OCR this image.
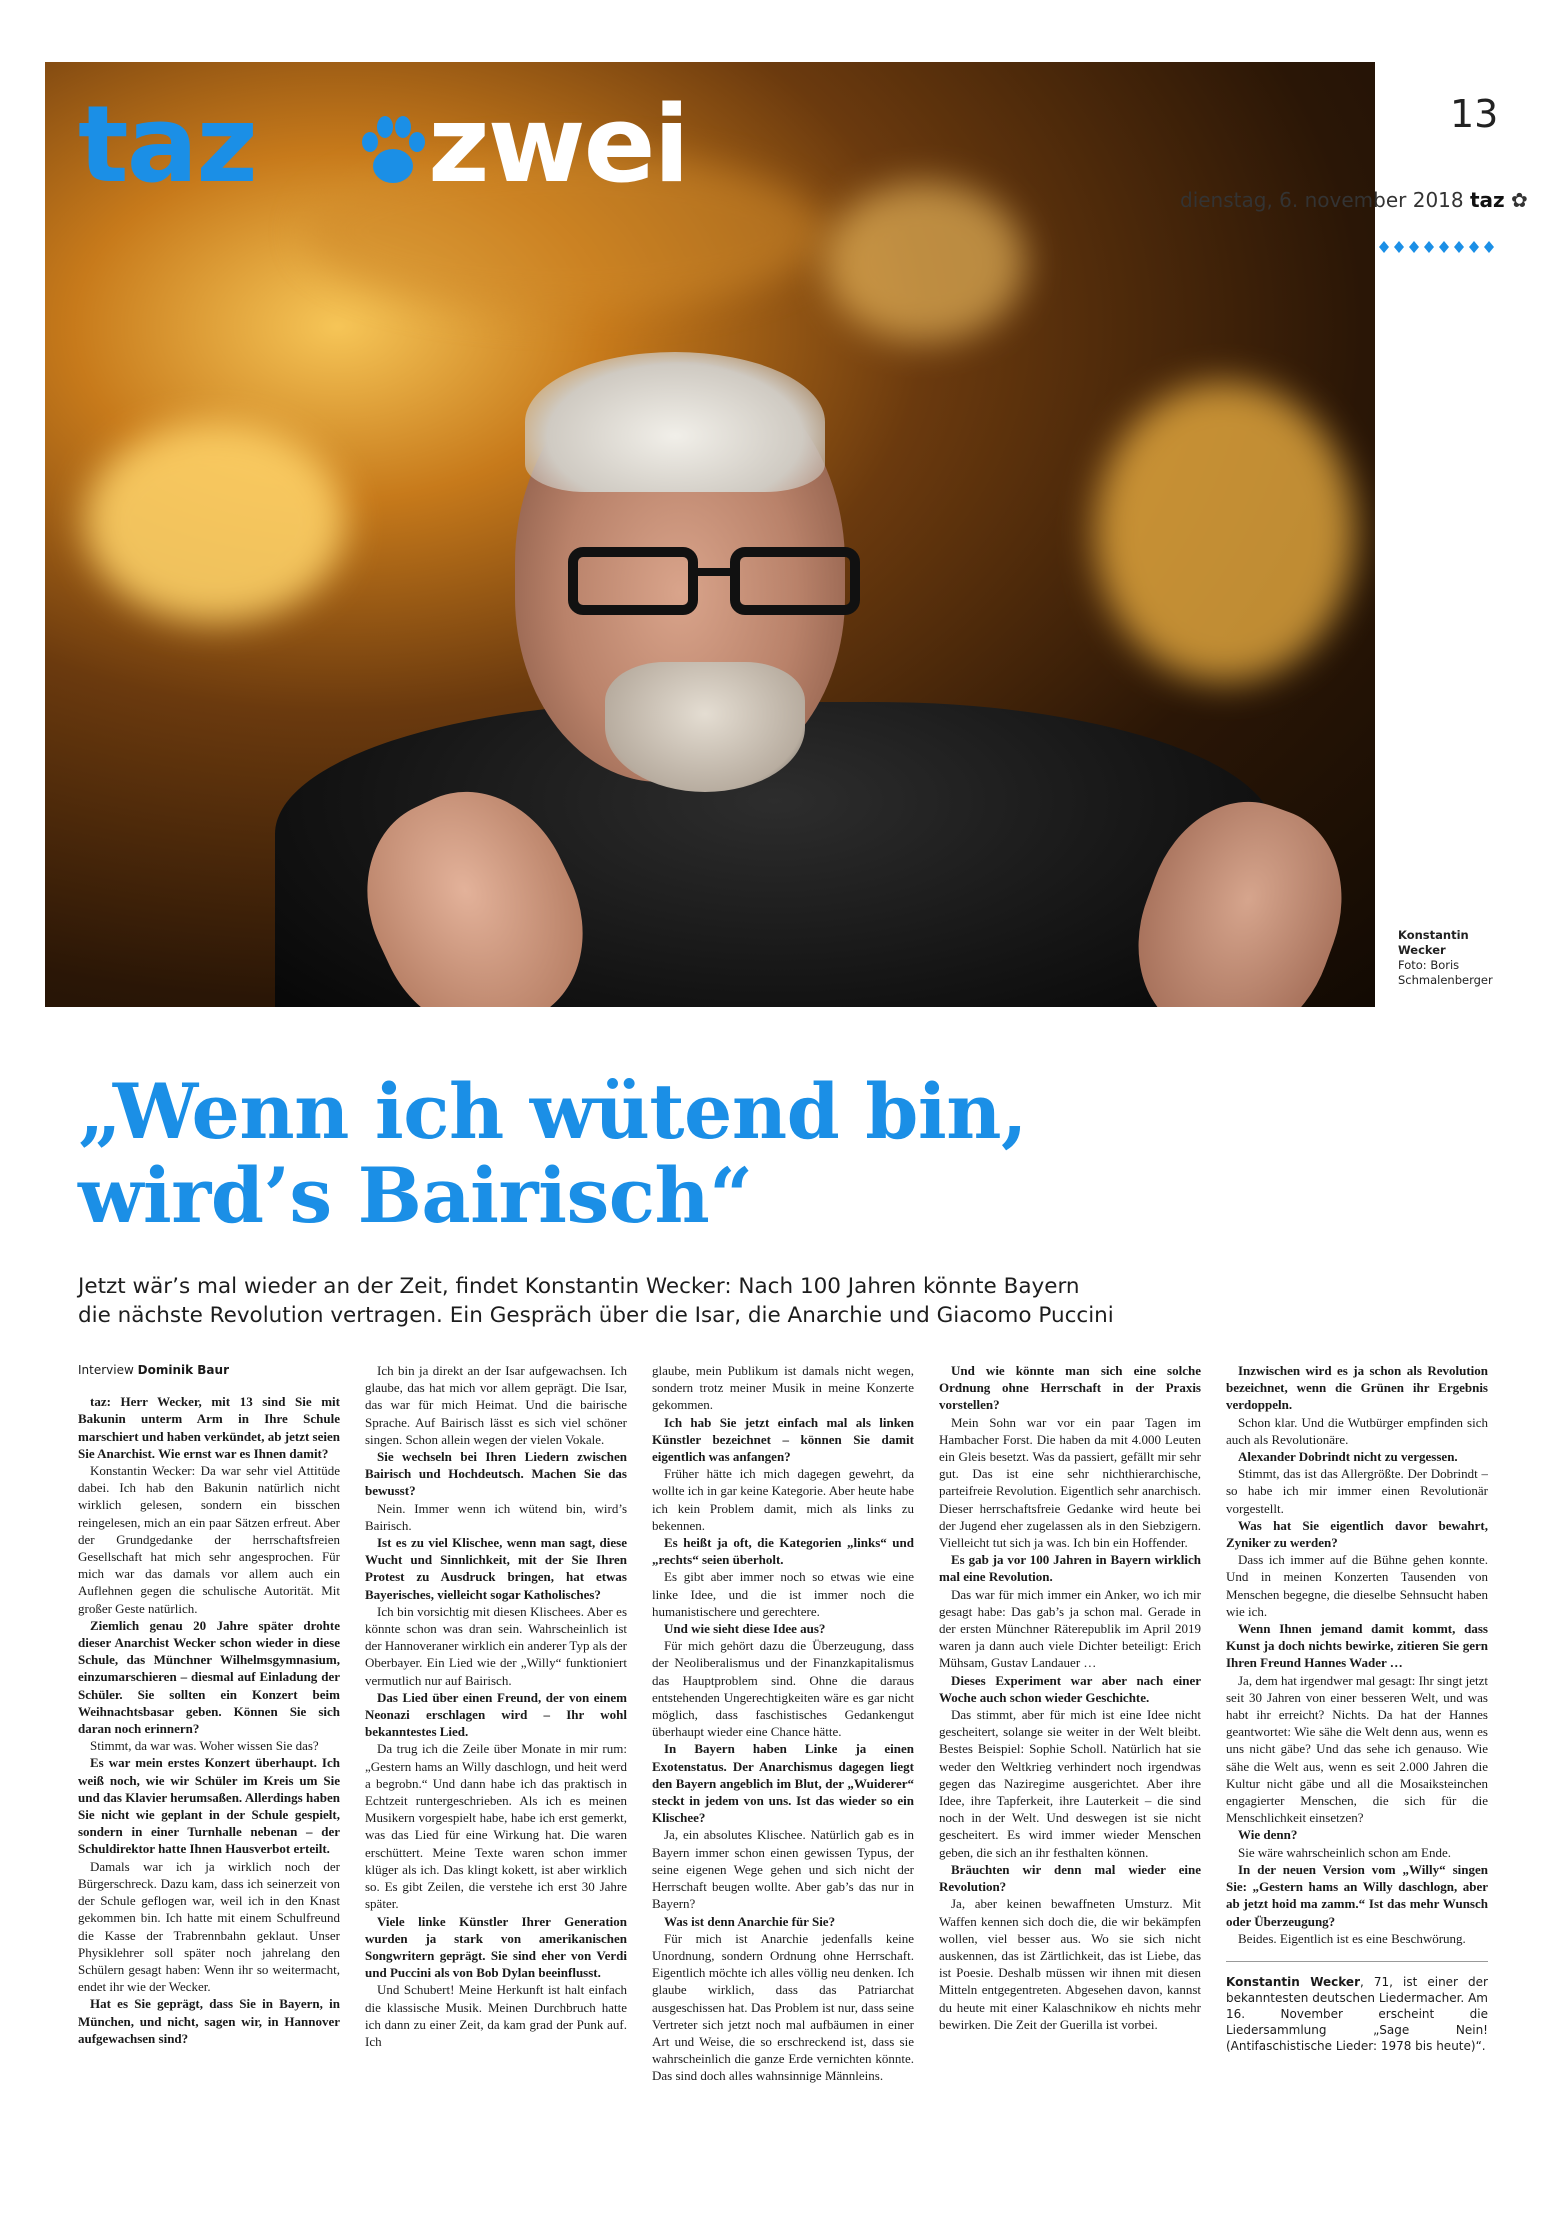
taz zwei	13
dienstag, 6. november 2018 taz ✿
Konstantin Wecker
Foto: Boris Schmalenberger
„Wenn ich wütend bin,
wird’s Bairisch“
Jetzt wär’s mal wieder an der Zeit, findet Konstantin Wecker: Nach 100 Jahren könnte Bayern
die nächste Revolution vertragen. Ein Gespräch über die Isar, die Anarchie und Giacomo Puccini

Interview Dominik Baur

taz: Herr Wecker, mit 13 sind Sie mit Bakunin unterm Arm in Ihre Schule marschiert und haben verkündet, ab jetzt seien Sie Anarchist. Wie ernst war es Ihnen damit?

Konstantin Wecker: Da war sehr viel Attitüde dabei. Ich hab den Bakunin natürlich nicht wirklich gelesen, sondern ein bisschen reingelesen, mich an ein paar Sätzen erfreut. Aber der Grundgedanke der herrschaftsfreien Gesellschaft hat mich sehr angesprochen. Für mich war das damals vor allem auch ein Auflehnen gegen die schulische Autorität. Mit großer Geste natürlich.

Ziemlich genau 20 Jahre später drohte dieser Anarchist Wecker schon wieder in diese Schule, das Münchner Wilhelmsgymnasium, einzumarschieren – diesmal auf Einladung der Schüler. Sie sollten ein Konzert beim Weihnachtsbasar geben. Können Sie sich daran noch erinnern?

Stimmt, da war was. Woher wissen Sie das?

Es war mein erstes Konzert überhaupt. Ich weiß noch, wie wir Schüler im Kreis um Sie und das Klavier herumsaßen. Allerdings haben Sie nicht wie geplant in der Schule gespielt, sondern in einer Turnhalle nebenan – der Schuldirektor hatte Ihnen Hausverbot erteilt.

Damals war ich ja wirklich noch der Bürgerschreck. Dazu kam, dass ich seinerzeit von der Schule geflogen war, weil ich in den Knast gekommen bin. Ich hatte mit einem Schulfreund die Kasse der Trabrennbahn geklaut. Unser Physiklehrer soll später noch jahrelang den Schülern gesagt haben: Wenn ihr so weitermacht, endet ihr wie der Wecker.

Hat es Sie geprägt, dass Sie in Bayern, in München, und nicht, sagen wir, in Hannover aufgewachsen sind?

Ich bin ja direkt an der Isar aufgewachsen. Ich glaube, das hat mich vor allem geprägt. Die Isar, das war für mich Heimat. Und die bairische Sprache. Auf Bairisch lässt es sich viel schöner singen. Schon allein wegen der vielen Vokale.

Sie wechseln bei Ihren Liedern zwischen Bairisch und Hochdeutsch. Machen Sie das bewusst?

Nein. Immer wenn ich wütend bin, wird’s Bairisch.

Ist es zu viel Klischee, wenn man sagt, diese Wucht und Sinnlichkeit, mit der Sie Ihren Protest zu Ausdruck bringen, hat etwas Bayerisches, vielleicht sogar Katholisches?

Ich bin vorsichtig mit diesen Klischees. Aber es könnte schon was dran sein. Wahrscheinlich ist der Hannoveraner wirklich ein anderer Typ als der Oberbayer. Ein Lied wie der „Willy“ funktioniert vermutlich nur auf Bairisch.

Das Lied über einen Freund, der von einem Neonazi erschlagen wird – Ihr wohl bekanntestes Lied.

Da trug ich die Zeile über Monate in mir rum: „Gestern hams an Willy daschlogn, und heit werd a begrobn.“ Und dann habe ich das praktisch in Echtzeit runtergeschrieben. Als ich es meinen Musikern vorgespielt habe, habe ich erst gemerkt, was das Lied für eine Wirkung hat. Die waren erschüttert. Meine Texte waren schon immer klüger als ich. Das klingt kokett, ist aber wirklich so. Es gibt Zeilen, die verstehe ich erst 30 Jahre später.

Viele linke Künstler Ihrer Generation wurden ja stark von amerikanischen Songwritern geprägt. Sie sind eher von Verdi und Puccini als von Bob Dylan beeinflusst.

Und Schubert! Meine Herkunft ist halt einfach die klassische Musik. Meinen Durchbruch hatte ich dann zu einer Zeit, da kam grad der Punk auf. Ich

glaube, mein Publikum ist damals nicht wegen, sondern trotz meiner Musik in meine Konzerte gekommen.

Ich hab Sie jetzt einfach mal als linken Künstler bezeichnet – können Sie damit eigentlich was anfangen?

Früher hätte ich mich dagegen gewehrt, da wollte ich in gar keine Kategorie. Aber heute habe ich kein Problem damit, mich als links zu bekennen.

Es heißt ja oft, die Kategorien „links“ und „rechts“ seien überholt.

Es gibt aber immer noch so etwas wie eine linke Idee, und die ist immer noch die humanistischere und gerechtere.

Und wie sieht diese Idee aus?

Für mich gehört dazu die Überzeugung, dass der Neoliberalismus und der Finanzkapitalismus das Hauptproblem sind. Ohne die daraus entstehenden Ungerechtigkeiten wäre es gar nicht möglich, dass faschistisches Gedankengut überhaupt wieder eine Chance hätte.

In Bayern haben Linke ja einen Exotenstatus. Der Anarchismus dagegen liegt den Bayern angeblich im Blut, der „Wuiderer“ steckt in jedem von uns. Ist das wieder so ein Klischee?

Ja, ein absolutes Klischee. Natürlich gab es in Bayern immer schon einen gewissen Typus, der seine eigenen Wege gehen und sich nicht der Herrschaft beugen wollte. Aber gab’s das nur in Bayern?

Was ist denn Anarchie für Sie?

Für mich ist Anarchie jedenfalls keine Unordnung, sondern Ordnung ohne Herrschaft. Eigentlich möchte ich alles völlig neu denken. Ich glaube wirklich, dass das Patriarchat ausgeschissen hat. Das Problem ist nur, dass seine Vertreter sich jetzt noch mal aufbäumen in einer Art und Weise, die so erschreckend ist, dass sie wahrscheinlich die ganze Erde vernichten könnte. Das sind doch alles wahnsinnige Männleins.

Und wie könnte man sich eine solche Ordnung ohne Herrschaft in der Praxis vorstellen?

Mein Sohn war vor ein paar Tagen im Hambacher Forst. Die haben da mit 4.000 Leuten ein Gleis besetzt. Was da passiert, gefällt mir sehr gut. Das ist eine sehr nichthierarchische, parteifreie Revolution. Eigentlich sehr anarchisch. Dieser herrschaftsfreie Gedanke wird heute bei der Jugend eher zugelassen als in den Siebzigern. Vielleicht tut sich ja was. Ich bin ein Hoffender.

Es gab ja vor 100 Jahren in Bayern wirklich mal eine Revolution.

Das war für mich immer ein Anker, wo ich mir gesagt habe: Das gab’s ja schon mal. Gerade in der ersten Münchner Räterepublik im April 2019 waren ja dann auch viele Dichter beteiligt: Erich Mühsam, Gustav Landauer …

Dieses Experiment war aber nach einer Woche auch schon wieder Geschichte.

Das stimmt, aber für mich ist eine Idee nicht gescheitert, solange sie weiter in der Welt bleibt. Bestes Beispiel: Sophie Scholl. Natürlich hat sie weder den Weltkrieg verhindert noch irgendwas gegen das Naziregime ausgerichtet. Aber ihre Idee, ihre Tapferkeit, ihre Lauterkeit – die sind noch in der Welt. Und deswegen ist sie nicht gescheitert. Es wird immer wieder Menschen geben, die sich an ihr festhalten können.

Bräuchten wir denn mal wieder eine Revolution?

Ja, aber keinen bewaffneten Umsturz. Mit Waffen kennen sich doch die, die wir bekämpfen wollen, viel besser aus. Wo sie sich nicht auskennen, das ist Zärtlichkeit, das ist Liebe, das ist Poesie. Deshalb müssen wir ihnen mit diesen Mitteln entgegentreten. Abgesehen davon, kannst du heute mit einer Kalaschnikow eh nichts mehr bewirken. Die Zeit der Guerilla ist vorbei.

Inzwischen wird es ja schon als Revolution bezeichnet, wenn die Grünen ihr Ergebnis verdoppeln.

Schon klar. Und die Wutbürger empfinden sich auch als Revolutionäre.

Alexander Dobrindt nicht zu vergessen.

Stimmt, das ist das Allergrößte. Der Dobrindt – so habe ich mir immer einen Revolutionär vorgestellt.

Was hat Sie eigentlich davor bewahrt, Zyniker zu werden?

Dass ich immer auf die Bühne gehen konnte. Und in meinen Konzerten Tausenden von Menschen begegne, die dieselbe Sehnsucht haben wie ich.

Wenn Ihnen jemand damit kommt, dass Kunst ja doch nichts bewirke, zitieren Sie gern Ihren Freund Hannes Wader …

Ja, dem hat irgendwer mal gesagt: Ihr singt jetzt seit 30 Jahren von einer besseren Welt, und was habt ihr erreicht? Nichts. Da hat der Hannes geantwortet: Wie sähe die Welt denn aus, wenn es uns nicht gäbe? Und das sehe ich genauso. Wie sähe die Welt aus, wenn es seit 2.000 Jahren die Kultur nicht gäbe und all die Mosaiksteinchen engagierter Menschen, die sich für die Menschlichkeit einsetzen?

Wie denn?

Sie wäre wahrscheinlich schon am Ende.

In der neuen Version vom „Willy“ singen Sie: „Gestern hams an Willy daschlogn, aber ab jetzt hoid ma zamm.“ Ist das mehr Wunsch oder Überzeugung?

Beides. Eigentlich ist es eine Beschwörung.

Konstantin Wecker, 71, ist einer der bekanntesten deutschen Liedermacher. Am 16. November erscheint die Liedersammlung „Sage Nein! (Antifaschistische Lieder: 1978 bis heute)“.
